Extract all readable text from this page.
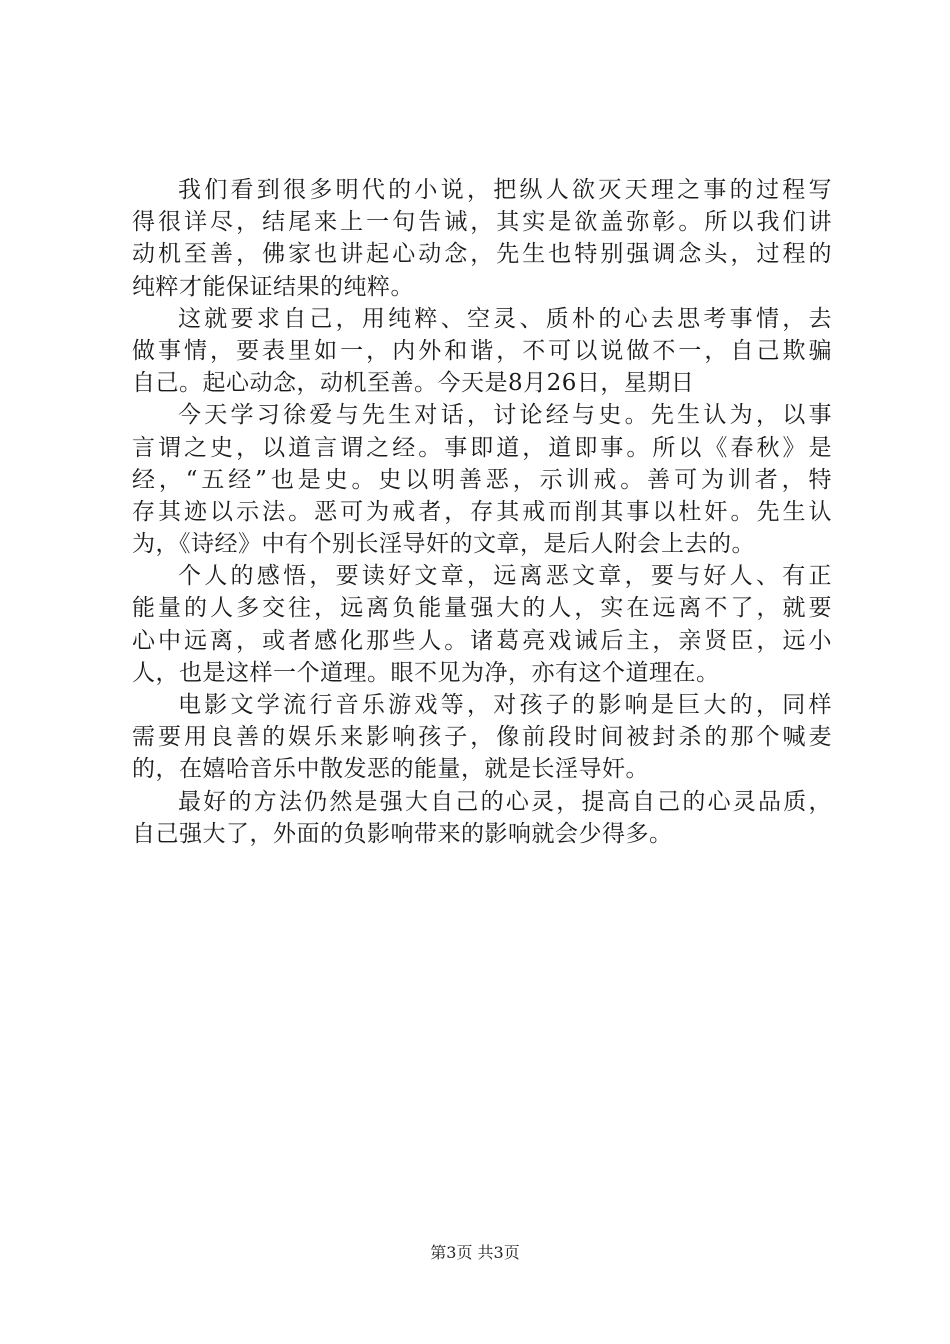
我们看到很多明代的小说，把纵人欲灭天理之事的过程写
得很详尽，结尾来上一句告诫，其实是欲盖弥彰。所以我们讲
动机至善，佛家也讲起心动念，先生也特别强调念头，过程的
纯粹才能保证结果的纯粹。
这就要求自己，用纯粹、空灵、质朴的心去思考事情，去
做事情，要表里如一，内外和谐，不可以说做不一，自己欺骗
自己。起心动念，动机至善。今天是8月26日，星期日
今天学习徐爱与先生对话，讨论经与史。先生认为，以事
言谓之史，以道言谓之经。事即道，道即事。所以《春秋》是
经，“五经”也是史。史以明善恶，示训戒。善可为训者，特
存其迹以示法。恶可为戒者，存其戒而削其事以杜奸。先生认
为，《诗经》中有个别长淫导奸的文章，是后人附会上去的。
个人的感悟，要读好文章，远离恶文章，要与好人、有正
能量的人多交往，远离负能量强大的人，实在远离不了，就要
心中远离，或者感化那些人。诸葛亮戏诫后主，亲贤臣，远小
人，也是这样一个道理。眼不见为净，亦有这个道理在。
电影文学流行音乐游戏等，对孩子的影响是巨大的，同样
需要用良善的娱乐来影响孩子，像前段时间被封杀的那个喊麦
的，在嬉哈音乐中散发恶的能量，就是长淫导奸。
最好的方法仍然是强大自己的心灵，提高自己的心灵品质，
自己强大了，外面的负影响带来的影响就会少得多。
第3页 共3页
